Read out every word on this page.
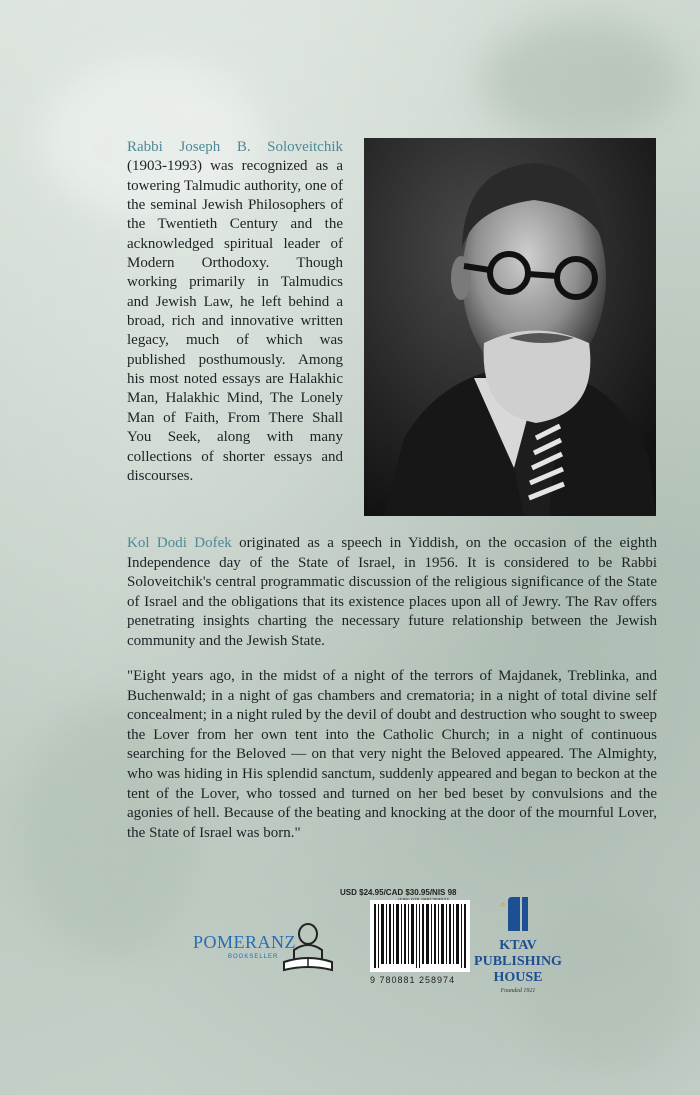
Rabbi Joseph B. Soloveitchik (1903-1993) was recognized as a towering Talmudic authority, one of the seminal Jewish Philosophers of the Twentieth Century and the acknowledged spiritual leader of Modern Orthodoxy. Though working primarily in Talmudics and Jewish Law, he left behind a broad, rich and innovative written legacy, much of which was published posthumously. Among his most noted essays are Halakhic Man, Halakhic Mind, The Lonely Man of Faith, From There Shall You Seek, along with many collections of shorter essays and discourses.

Kol Dodi Dofek originated as a speech in Yiddish, on the occasion of the eighth Independence day of the State of Israel, in 1956. It is considered to be Rabbi Soloveitchik's central programmatic discussion of the religious significance of the State of Israel and the obligations that its existence places upon all of Jewry. The Rav offers penetrating insights charting the necessary future relationship between the Jewish community and the Jewish State.

"Eight years ago, in the midst of a night of the terrors of Majdanek, Treblinka, and Buchenwald; in a night of gas chambers and crematoria; in a night of total divine self concealment; in a night ruled by the devil of doubt and destruction who sought to sweep the Lover from her own tent into the Catholic Church; in a night of continuous searching for the Beloved — on that very night the Beloved appeared. The Almighty, who was hiding in His splendid sanctum, suddenly appeared and began to beckon at the tent of the Lover, who tossed and turned on her bed beset by convulsions and the agonies of hell. Because of the beating and knocking at the door of the mournful Lover, the State of Israel was born."

USD $24.95/CAD $30.95/NIS 98
9 780881 258974
POMERANZ
BOOKSELLER
✡
KTAV
PUBLISHING
HOUSE
Founded 1921
